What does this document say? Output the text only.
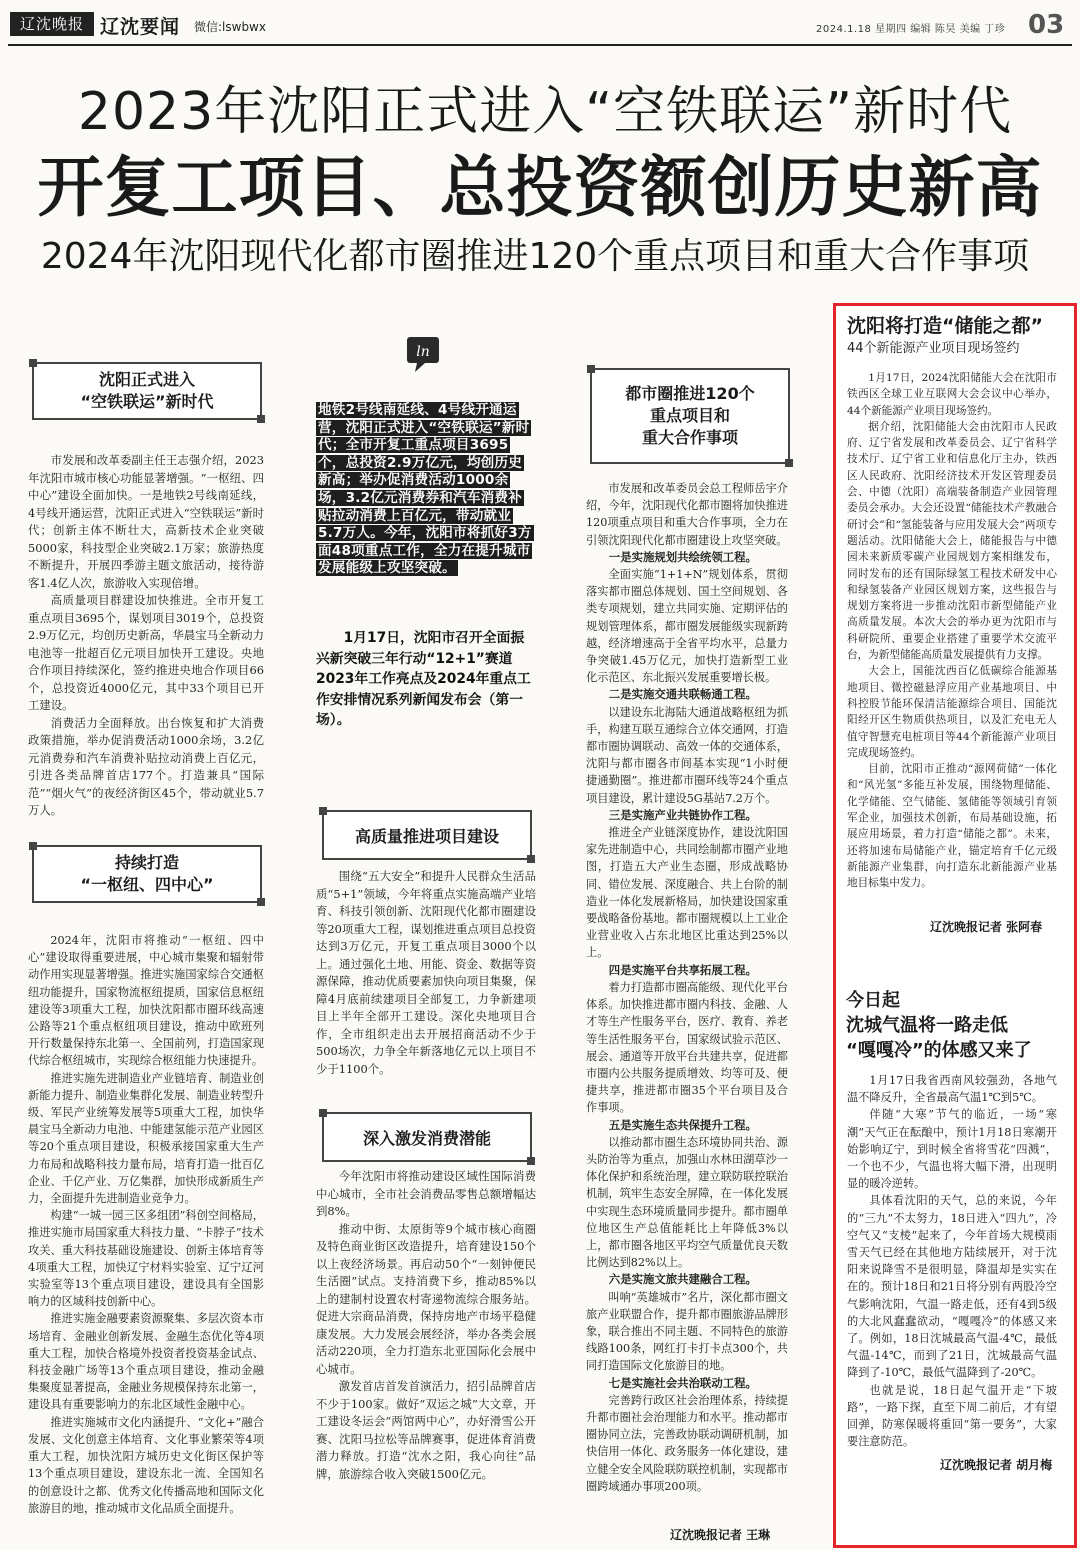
辽沈晚报 辽沈要闻 微信:lswbwx	2024.1.18 星期四 编辑 陈昊 美编 丁珍 03
2023年沈阳正式进入“空铁联运”新时代
开复工项目、总投资额创历史新高
2024年沈阳现代化都市圈推进120个重点项目和重大合作事项
沈阳正式进入
“空铁联运”新时代

市发展和改革委副主任王志强介绍，2023年沈阳市城市核心功能显著增强。“一枢纽、四中心”建设全面加快。一是地铁2号线南延线，4号线开通运营，沈阳正式进入“空铁联运”新时代；创新主体不断壮大，高新技术企业突破5000家，科技型企业突破2.1万家；旅游热度不断提升，开展四季游主题文旅活动，接待游客1.4亿人次，旅游收入实现倍增。

高质量项目群建设加快推进。全市开复工重点项目3695个，谋划项目3019个，总投资2.9万亿元，均创历史新高，华晨宝马全新动力电池等一批超百亿元项目加快开工建设。央地合作项目持续深化，签约推进央地合作项目66个，总投资近4000亿元，其中33个项目已开工建设。

消费活力全面释放。出台恢复和扩大消费政策措施，举办促消费活动1000余场，3.2亿元消费券和汽车消费补贴拉动消费上百亿元，引进各类品牌首店177个。打造兼具“国际范”“烟火气”的夜经济街区45个，带动就业5.7万人。

持续打造
“一枢纽、四中心”

2024年，沈阳市将推动“一枢纽、四中心”建设取得重要进展，中心城市集聚和辐射带动作用实现显著增强。推进实施国家综合交通枢纽功能提升，国家物流枢纽提质，国家信息枢纽建设等3项重大工程，加快沈阳都市圈环线高速公路等21个重点枢纽项目建设，推动中欧班列开行数量保持东北第一、全国前列，打造国家现代综合枢纽城市，实现综合枢纽能力快速提升。

推进实施先进制造业产业链培育、制造业创新能力提升、制造业集群化发展、制造业转型升级、军民产业统筹发展等5项重大工程，加快华晨宝马全新动力电池、中能建氢能示范产业园区等20个重点项目建设，积极承接国家重大生产力布局和战略科技力量布局，培育打造一批百亿企业、千亿产业、万亿集群，加快形成新质生产力，全面提升先进制造业竞争力。

构建“一城一园三区多组团”科创空间格局，推进实施市局国家重大科技力量、“卡脖子”技术攻关、重大科技基础设施建设、创新主体培育等4项重大工程，加快辽宁材料实验室、辽宁辽河实验室等13个重点项目建设，建设具有全国影响力的区域科技创新中心。

推进实施金融要素资源聚集、多层次资本市场培育、金融业创新发展、金融生态优化等4项重大工程，加快合格境外投资者投资基金试点、科技金融广场等13个重点项目建设，推动金融集聚度显著提高，金融业务规模保持东北第一，建设具有重要影响力的东北区域性金融中心。

推进实施城市文化内涵提升、“文化+”融合发展、文化创意主体培育、文化事业繁荣等4项重大工程，加快沈阳方城历史文化街区保护等13个重点项目建设，建设东北一流、全国知名的创意设计之都、优秀文化传播高地和国际文化旅游目的地，推动城市文化品质全面提升。

ln
地铁2号线南延线、4号线开通运营，沈阳正式进入“空铁联运”新时代；全市开复工重点项目3695个，总投资2.9万亿元，均创历史新高；举办促消费活动1000余场，3.2亿元消费券和汽车消费补贴拉动消费上百亿元，带动就业5.7万人。今年，沈阳市将抓好3方面48项重点工作，全力在提升城市发展能级上攻坚突破。

1月17日，沈阳市召开全面振兴新突破三年行动“12+1”赛道2023年工作亮点及2024年重点工作安排情况系列新闻发布会（第一场）。

高质量推进项目建设

围绕“五大安全”和提升人民群众生活品质“5+1”领域，今年将重点实施高端产业培育、科技引领创新、沈阳现代化都市圈建设等20项重大工程，谋划推进重点项目总投资达到3万亿元，开复工重点项目3000个以上。通过强化土地、用能、资金、数据等资源保障，推动优质要素加快向项目集聚，保障4月底前续建项目全部复工，力争新建项目上半年全部开工建设。深化央地项目合作，全市组织走出去开展招商活动不少于500场次，力争全年新落地亿元以上项目不少于1100个。

深入激发消费潜能

今年沈阳市将推动建设区域性国际消费中心城市，全市社会消费品零售总额增幅达到8%。

推动中街、太原街等9个城市核心商圈及特色商业街区改造提升，培育建设150个以上夜经济场景。再启动50个“一刻钟便民生活圈”试点。支持消费下乡，推动85%以上的建制村设置农村寄递物流综合服务站。促进大宗商品消费，保持房地产市场平稳健康发展。大力发展会展经济，举办各类会展活动220项，全力打造东北亚国际化会展中心城市。

激发首店首发首演活力，招引品牌首店不少于100家。做好“双运之城”大文章，开工建设冬运会“两馆两中心”，办好滑雪公开赛、沈阳马拉松等品牌赛事，促进体育消费潜力释放。打造“沈水之阳，我心向往”品牌，旅游综合收入突破1500亿元。

都市圈推进120个
重点项目和
重大合作事项

市发展和改革委员会总工程师岳宇介绍，今年，沈阳现代化都市圈将加快推进120项重点项目和重大合作事项，全力在引领沈阳现代化都市圈建设上攻坚突破。

一是实施规划共绘统领工程。

全面实施“1+1+N”规划体系，贯彻落实都市圈总体规划、国土空间规划、各类专项规划，建立共同实施、定期评估的规划管理体系，都市圈发展能级实现新跨越，经济增速高于全省平均水平，总量力争突破1.45万亿元，加快打造新型工业化示范区、东北振兴发展重要增长极。

二是实施交通共联畅通工程。

以建设东北海陆大通道战略枢纽为抓手，构建互联互通综合立体交通网，打造都市圈协调联动、高效一体的交通体系，沈阳与都市圈各市间基本实现“1小时便捷通勤圈”。推进都市圈环线等24个重点项目建设，累计建设5G基站7.2万个。

三是实施产业共链协作工程。

推进全产业链深度协作，建设沈阳国家先进制造中心，共同绘制都市圈产业地图，打造五大产业生态圈，形成战略协同、错位发展、深度融合、共上台阶的制造业一体化发展新格局，加快建设国家重要战略备份基地。都市圈规模以上工业企业营业收入占东北地区比重达到25%以上。

四是实施平台共享拓展工程。

着力打造都市圈高能级、现代化平台体系。加快推进都市圈内科技、金融、人才等生产性服务平台，医疗、教育、养老等生活性服务平台，国家级试验示范区、展会、通道等开放平台共建共享，促进都市圈内公共服务提质增效、均等可及、便捷共享，推进都市圈35个平台项目及合作事项。

五是实施生态共保提升工程。

以推动都市圈生态环境协同共治、源头防治等为重点，加强山水林田湖草沙一体化保护和系统治理，建立联防联控联治机制，筑牢生态安全屏障，在一体化发展中实现生态环境质量同步提升。都市圈单位地区生产总值能耗比上年降低3%以上，都市圈各地区平均空气质量优良天数比例达到82%以上。

六是实施文旅共建融合工程。

叫响“英雄城市”名片，深化都市圈文旅产业联盟合作，提升都市圈旅游品牌形象，联合推出不同主题、不同特色的旅游线路100条，网红打卡打卡点300个，共同打造国际文化旅游目的地。

七是实施社会共治联动工程。

完善跨行政区社会治理体系，持续提升都市圈社会治理能力和水平。推动都市圈协同立法，完善政协联动调研机制，加快信用一体化、政务服务一体化建设，建立健全安全风险联防联控机制，实现都市圈跨域通办事项200项。

辽沈晚报记者 王琳
沈阳将打造“储能之都”
44个新能源产业项目现场签约

1月17日，2024沈阳储能大会在沈阳市铁西区全球工业互联网大会会议中心举办，44个新能源产业项目现场签约。

据介绍，沈阳储能大会由沈阳市人民政府、辽宁省发展和改革委员会、辽宁省科学技术厅、辽宁省工业和信息化厅主办，铁西区人民政府、沈阳经济技术开发区管理委员会、中德（沈阳）高端装备制造产业园管理委员会承办。大会还设置“储能技术产教融合研讨会”和“氢能装备与应用发展大会”两项专题活动。沈阳储能大会上，储能报告与中德园未来新质零碳产业园规划方案相继发布，同时发布的还有国际绿氢工程技术研发中心和绿氢装备产业园区规划方案，这些报告与规划方案将进一步推动沈阳市新型储能产业高质量发展。本次大会的举办更为沈阳市与科研院所、重要企业搭建了重要学术交流平台，为新型储能高质量发展提供有力支撑。

大会上，国能沈西百亿低碳综合能源基地项目、微控磁悬浮应用产业基地项目、中科控股节能环保清洁能源综合项目、国能沈阳经开区生物质供热项目，以及汇充电无人值守智慧充电桩项目等44个新能源产业项目完成现场签约。

目前，沈阳市正推动“源网荷储”一体化和“风光氢”多能互补发展，围绕物理储能、化学储能、空气储能、氢储能等领域引育领军企业，加强技术创新，布局基础设施，拓展应用场景，着力打造“储能之都”。未来，还将加速布局储能产业，锚定培育千亿元级新能源产业集群，向打造东北新能源产业基地目标集中发力。

辽沈晚报记者 张阿春
今日起
沈城气温将一路走低
“嘎嘎冷”的体感又来了

1月17日我省西南风较强劲，各地气温不降反升，全省最高气温1℃到5℃。

伴随“大寒”节气的临近，一场“寒潮”天气正在酝酿中，预计1月18日寒潮开始影响辽宁，到时候全省将雪花“四溅”，一个也不少，气温也将大幅下滑，出现明显的暖冷逆转。

具体看沈阳的天气，总的来说，今年的“三九”不太努力，18日进入“四九”，冷空气又“支棱”起来了，今年首场大规模雨雪天气已经在其他地方陆续展开，对于沈阳来说降雪不是很明显，降温却是实实在在的。预计18日和21日将分别有两股冷空气影响沈阳，气温一路走低，还有4到5级的大北风蠢蠢欲动，“嘎嘎冷”的体感又来了。例如，18日沈城最高气温-4℃，最低气温-14℃，而到了21日，沈城最高气温降到了-10℃，最低气温降到了-20℃。

也就是说，18日起气温开走“下坡路”，一路下探，直至下周二前后，才有望回弹，防寒保暖将重回“第一要务”，大家要注意防范。

辽沈晚报记者 胡月梅
